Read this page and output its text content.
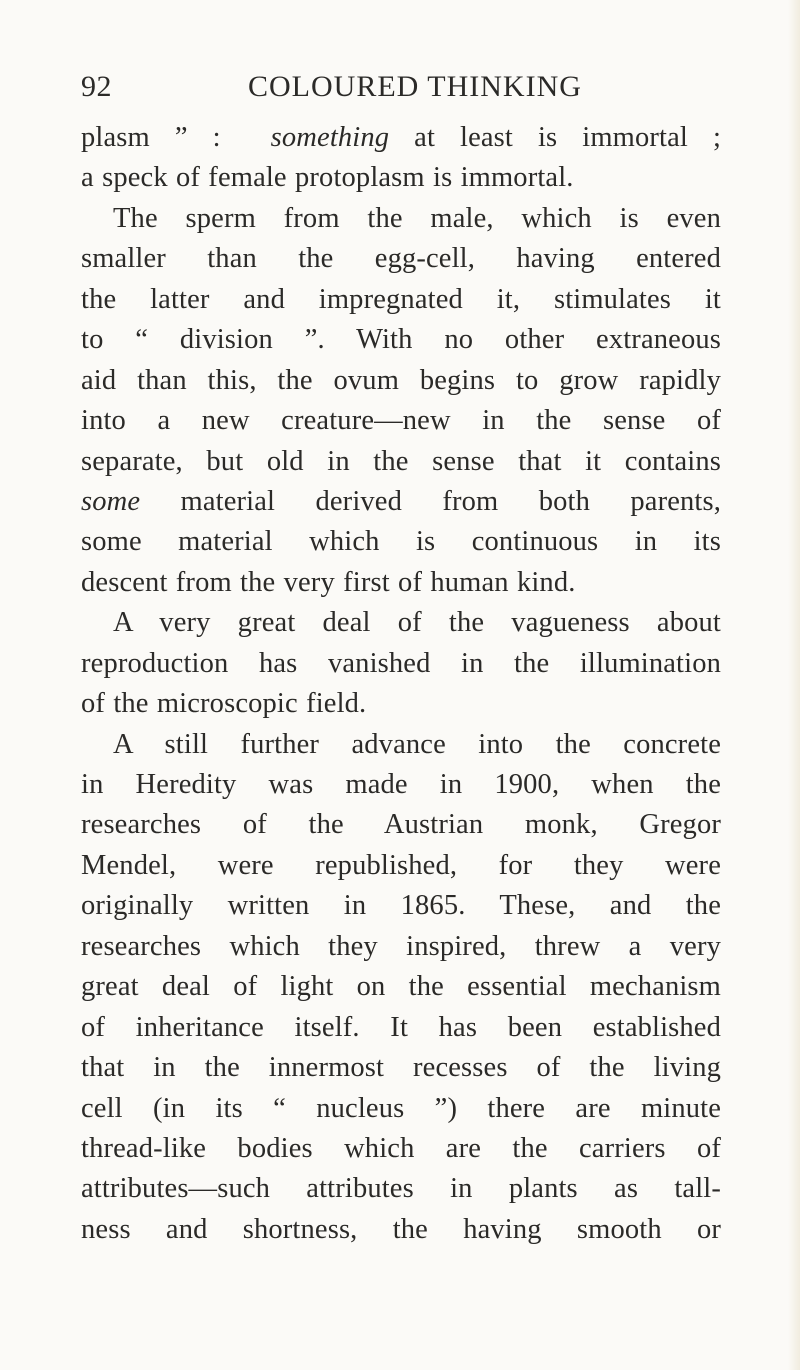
92	COLOURED THINKING
plasm ” :  something at least is immortal ;
a speck of female protoplasm is immortal.
The sperm from the male, which is even
smaller than the egg-cell, having entered
the latter and impregnated it, stimulates it
to “ division ”. With no other extraneous
aid than this, the ovum begins to grow rapidly
into a new creature—new in the sense of
separate, but old in the sense that it contains
some material derived from both parents,
some material which is continuous in its
descent from the very first of human kind.
A very great deal of the vagueness about
reproduction has vanished in the illumination
of the microscopic field.
A still further advance into the concrete
in Heredity was made in 1900, when the
researches of the Austrian monk, Gregor
Mendel, were republished, for they were
originally written in 1865. These, and the
researches which they inspired, threw a very
great deal of light on the essential mechanism
of inheritance itself. It has been established
that in the innermost recesses of the living
cell (in its “ nucleus ”) there are minute
thread-like bodies which are the carriers of
attributes—such attributes in plants as tall-
ness and shortness, the having smooth or
